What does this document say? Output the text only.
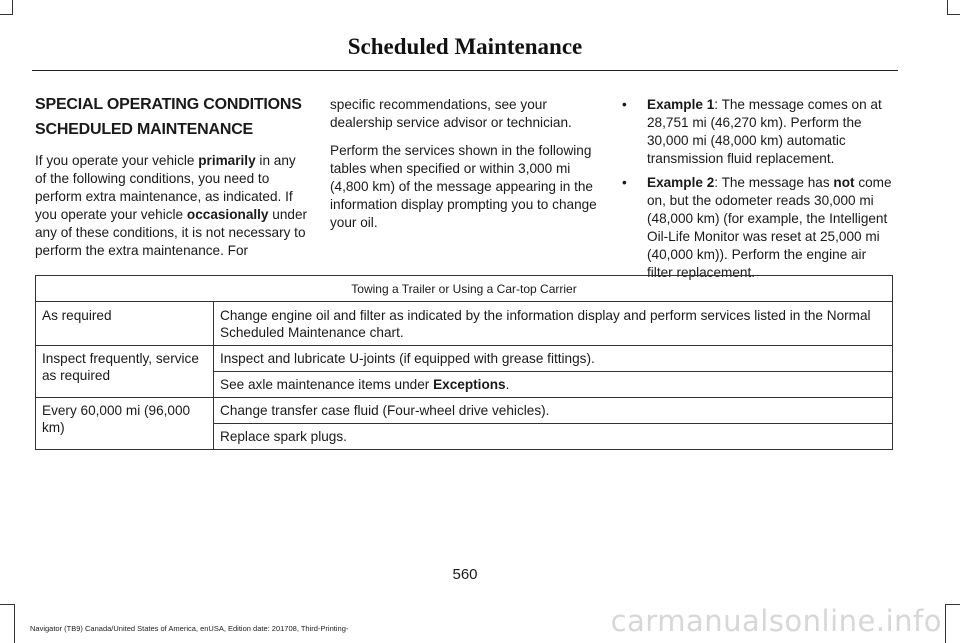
Scheduled Maintenance
SPECIAL OPERATING CONDITIONS
SCHEDULED MAINTENANCE

If you operate your vehicle primarily in any of the following conditions, you need to perform extra maintenance, as indicated. If you operate your vehicle occasionally under any of these conditions, it is not necessary to perform the extra maintenance. For

specific recommendations, see your dealership service advisor or technician.

Perform the services shown in the following tables when specified or within 3,000 mi (4,800 km) of the message appearing in the information display prompting you to change your oil.

• Example 1: The message comes on at 28,751 mi (46,270 km). Perform the 30,000 mi (48,000 km) automatic transmission fluid replacement.
• Example 2: The message has not come on, but the odometer reads 30,000 mi (48,000 km) (for example, the Intelligent Oil-Life Monitor was reset at 25,000 mi (40,000 km)). Perform the engine air filter replacement.
Towing a Trailer or Using a Car-top Carrier	
As required	Change engine oil and filter as indicated by the information display and perform services listed in the Normal Scheduled Maintenance chart.
Inspect frequently, service as required	Inspect and lubricate U-joints (if equipped with grease fittings).
	See axle maintenance items under Exceptions.
Every 60,000 mi (96,000 km)	Change transfer case fluid (Four-wheel drive vehicles).
	Replace spark plugs.
560
Navigator (TB9) Canada/United States of America, enUSA, Edition date: 201708, Third-Printing-	carmanualsonline.info
